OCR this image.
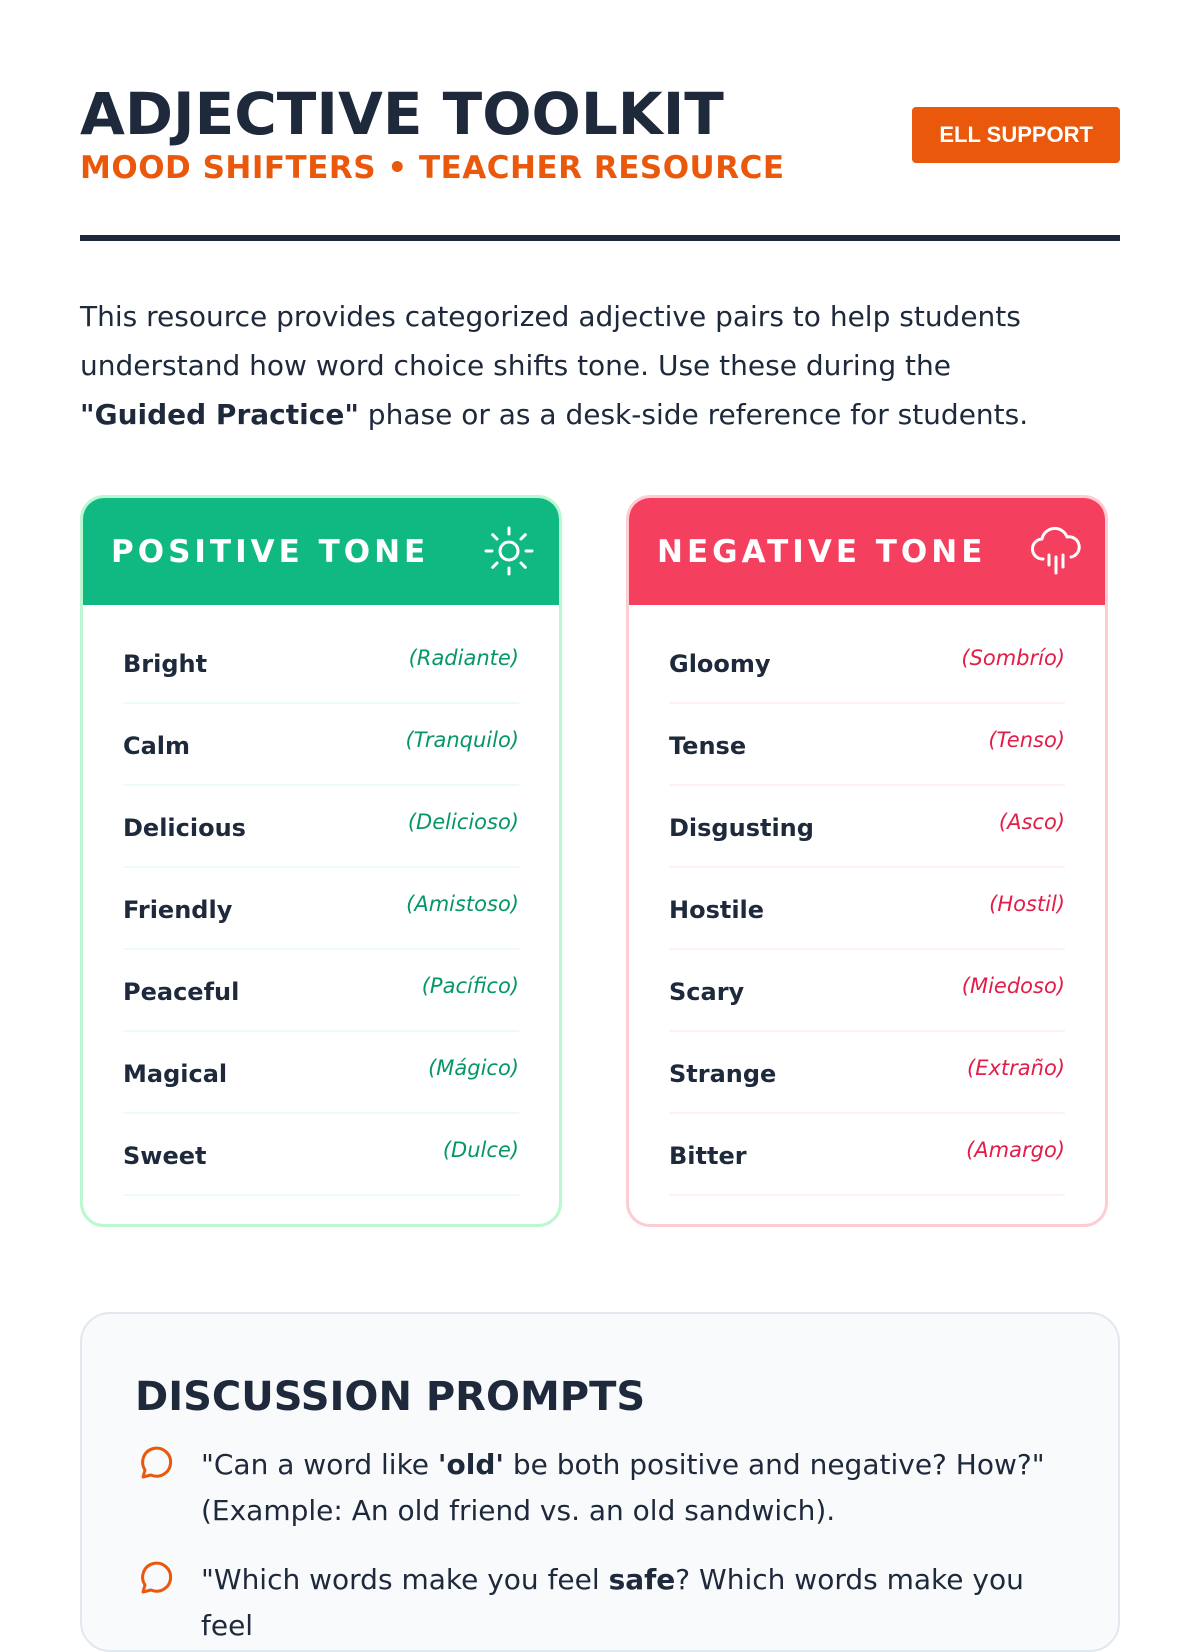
ADJECTIVE TOOLKIT
MOOD SHIFTERS • TEACHER RESOURCE
ELL SUPPORT

This resource provides categorized adjective pairs to help students understand how word choice shifts tone. Use these during the "Guided Practice" phase or as a desk-side reference for students.

POSITIVE TONE
Bright	(Radiante)
Calm	(Tranquilo)
Delicious	(Delicioso)
Friendly	(Amistoso)
Peaceful	(Pacífico)
Magical	(Mágico)
Sweet	(Dulce)
NEGATIVE TONE
Gloomy	(Sombrío)
Tense	(Tenso)
Disgusting	(Asco)
Hostile	(Hostil)
Scary	(Miedoso)
Strange	(Extraño)
Bitter	(Amargo)
DISCUSSION PROMPTS

"Can a word like 'old' be both positive and negative? How?" (Example: An old friend vs. an old sandwich).

"Which words make you feel safe? Which words make you feel
